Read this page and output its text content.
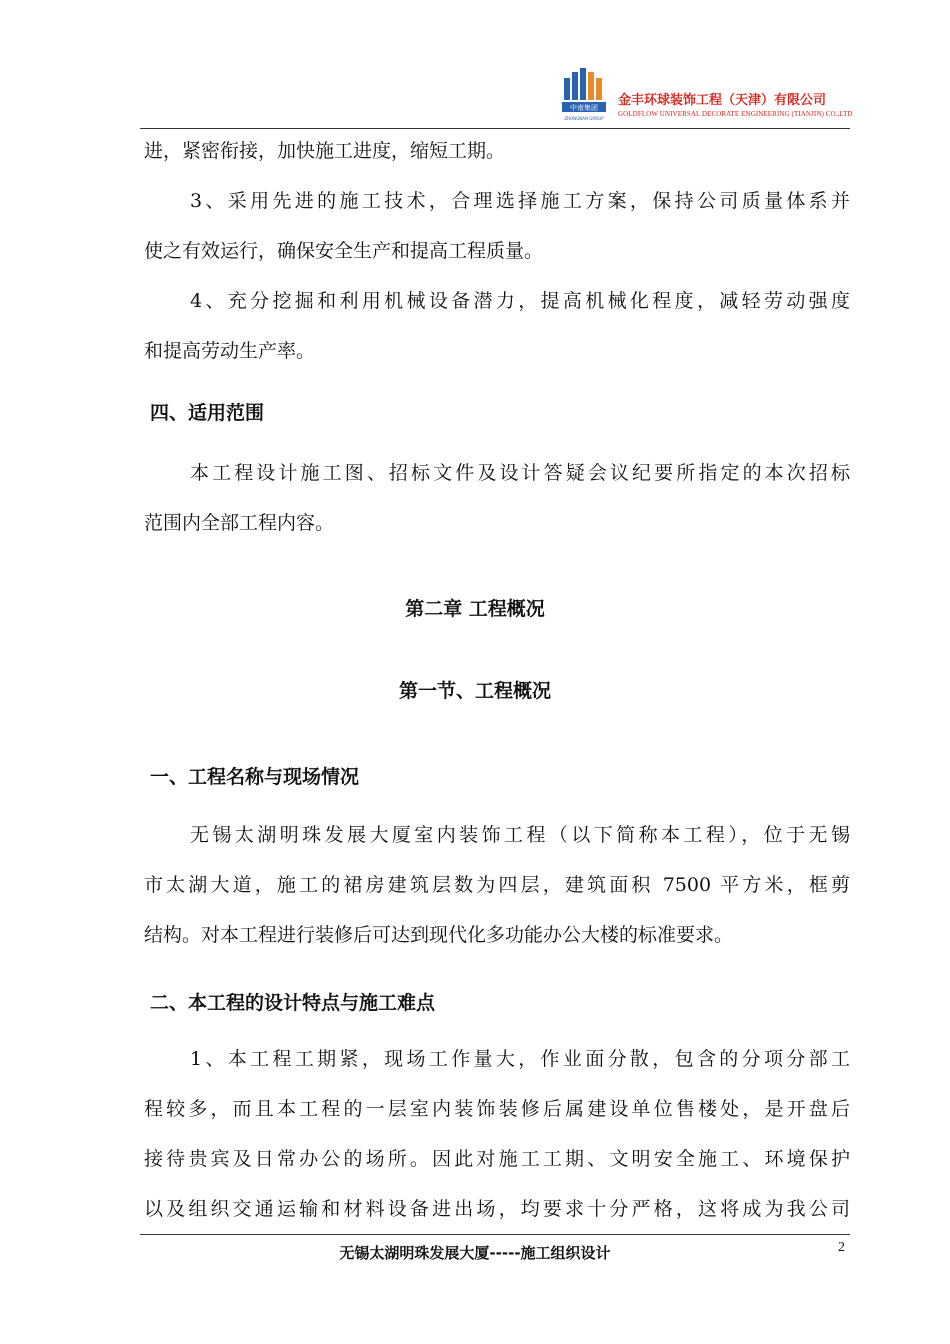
中南集团
ZHONGNAN GROUP
金丰环球装饰工程（天津）有限公司
GOLDFLOW UNIVERSAL DECORATE ENGINEERING (TIANJIN) CO.,LTD
进，紧密衔接，加快施工进度，缩短工期。
3、采用先进的施工技术，合理选择施工方案，保持公司质量体系并
使之有效运行，确保安全生产和提高工程质量。
4、充分挖掘和利用机械设备潜力，提高机械化程度，减轻劳动强度
和提高劳动生产率。
四、适用范围
本工程设计施工图、招标文件及设计答疑会议纪要所指定的本次招标
范围内全部工程内容。
第二章 工程概况
第一节、工程概况
一、工程名称与现场情况
无锡太湖明珠发展大厦室内装饰工程（以下简称本工程），位于无锡
市太湖大道，施工的裙房建筑层数为四层，建筑面积 7500 平方米，框剪
结构。对本工程进行装修后可达到现代化多功能办公大楼的标准要求。
二、本工程的设计特点与施工难点
1、本工程工期紧，现场工作量大，作业面分散，包含的分项分部工
程较多，而且本工程的一层室内装饰装修后属建设单位售楼处，是开盘后
接待贵宾及日常办公的场所。因此对施工工期、文明安全施工、环境保护
以及组织交通运输和材料设备进出场，均要求十分严格，这将成为我公司
无锡太湖明珠发展大厦-----施工组织设计	2
